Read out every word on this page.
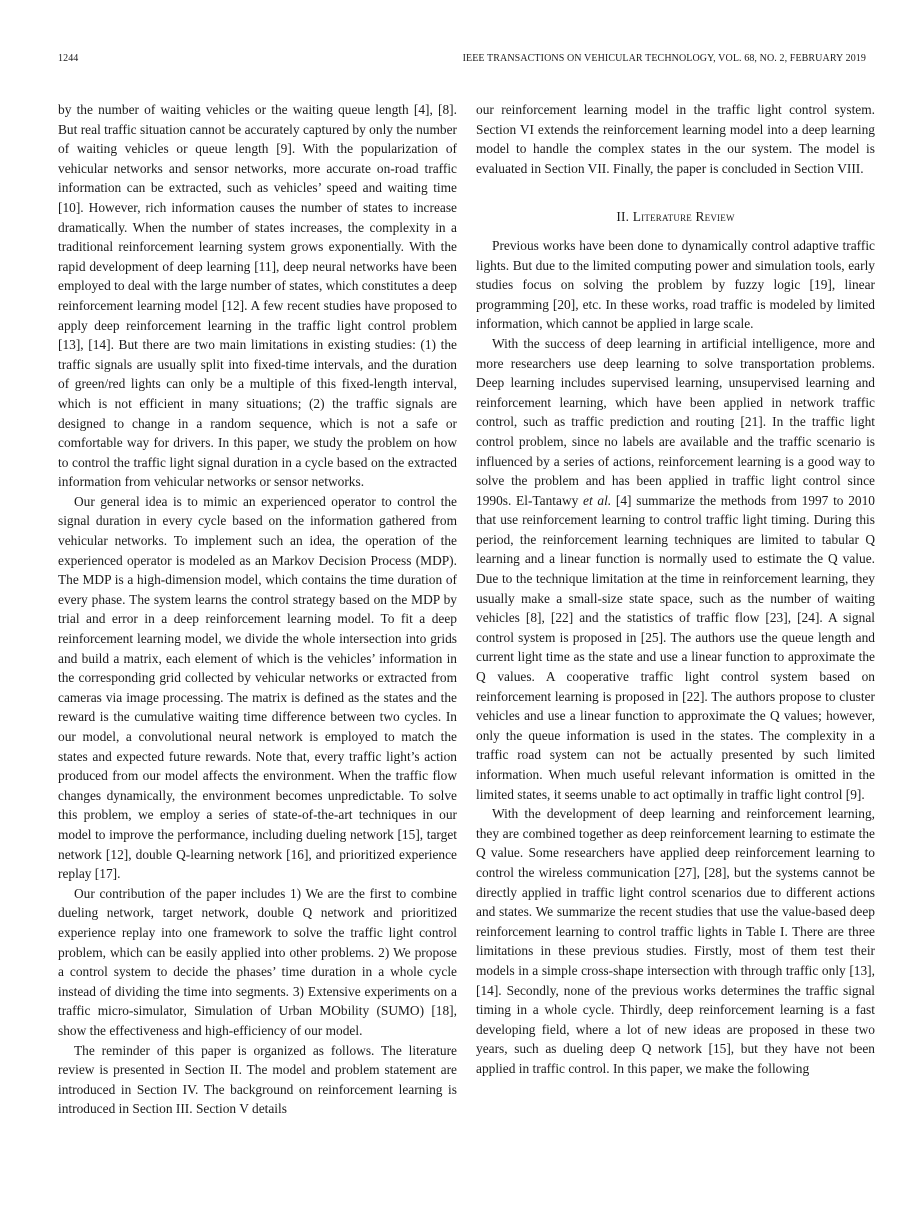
1244	IEEE TRANSACTIONS ON VEHICULAR TECHNOLOGY, VOL. 68, NO. 2, FEBRUARY 2019

by the number of waiting vehicles or the waiting queue length [4], [8]. But real traffic situation cannot be accurately captured by only the number of waiting vehicles or queue length [9]. With the popularization of vehicular networks and sensor networks, more accurate on-road traffic information can be extracted, such as vehicles’ speed and waiting time [10]. However, rich information causes the number of states to increase dramatically. When the number of states increases, the complexity in a traditional reinforcement learning system grows exponentially. With the rapid development of deep learning [11], deep neural networks have been employed to deal with the large number of states, which constitutes a deep reinforcement learning model [12]. A few recent studies have proposed to apply deep reinforcement learning in the traffic light control problem [13], [14]. But there are two main limitations in existing studies: (1) the traffic signals are usually split into fixed-time intervals, and the duration of green/red lights can only be a multiple of this fixed-length interval, which is not efficient in many situations; (2) the traffic signals are designed to change in a random sequence, which is not a safe or comfortable way for drivers. In this paper, we study the problem on how to control the traffic light signal duration in a cycle based on the extracted information from vehicular networks or sensor networks.

Our general idea is to mimic an experienced operator to control the signal duration in every cycle based on the information gathered from vehicular networks. To implement such an idea, the operation of the experienced operator is modeled as an Markov Decision Process (MDP). The MDP is a high-dimension model, which contains the time duration of every phase. The system learns the control strategy based on the MDP by trial and error in a deep reinforcement learning model. To fit a deep reinforcement learning model, we divide the whole intersection into grids and build a matrix, each element of which is the vehicles’ information in the corresponding grid collected by vehicular networks or extracted from cameras via image processing. The matrix is defined as the states and the reward is the cumulative waiting time difference between two cycles. In our model, a convolutional neural network is employed to match the states and expected future rewards. Note that, every traffic light’s action produced from our model affects the environment. When the traffic flow changes dynamically, the environment becomes unpredictable. To solve this problem, we employ a series of state-of-the-art techniques in our model to improve the performance, including dueling network [15], target network [12], double Q-learning network [16], and prioritized experience replay [17].

Our contribution of the paper includes 1) We are the first to combine dueling network, target network, double Q network and prioritized experience replay into one framework to solve the traffic light control problem, which can be easily applied into other problems. 2) We propose a control system to decide the phases’ time duration in a whole cycle instead of dividing the time into segments. 3) Extensive experiments on a traffic micro-simulator, Simulation of Urban MObility (SUMO) [18], show the effectiveness and high-efficiency of our model.

The reminder of this paper is organized as follows. The literature review is presented in Section II. The model and problem statement are introduced in Section IV. The background on reinforcement learning is introduced in Section III. Section V details

our reinforcement learning model in the traffic light control system. Section VI extends the reinforcement learning model into a deep learning model to handle the complex states in the our system. The model is evaluated in Section VII. Finally, the paper is concluded in Section VIII.

II. Literature Review

Previous works have been done to dynamically control adaptive traffic lights. But due to the limited computing power and simulation tools, early studies focus on solving the problem by fuzzy logic [19], linear programming [20], etc. In these works, road traffic is modeled by limited information, which cannot be applied in large scale.

With the success of deep learning in artificial intelligence, more and more researchers use deep learning to solve transportation problems. Deep learning includes supervised learning, unsupervised learning and reinforcement learning, which have been applied in network traffic control, such as traffic prediction and routing [21]. In the traffic light control problem, since no labels are available and the traffic scenario is influenced by a series of actions, reinforcement learning is a good way to solve the problem and has been applied in traffic light control since 1990s. El-Tantawy et al. [4] summarize the methods from 1997 to 2010 that use reinforcement learning to control traffic light timing. During this period, the reinforcement learning techniques are limited to tabular Q learning and a linear function is normally used to estimate the Q value. Due to the technique limitation at the time in reinforcement learning, they usually make a small-size state space, such as the number of waiting vehicles [8], [22] and the statistics of traffic flow [23], [24]. A signal control system is proposed in [25]. The authors use the queue length and current light time as the state and use a linear function to approximate the Q values. A cooperative traffic light control system based on reinforcement learning is proposed in [22]. The authors propose to cluster vehicles and use a linear function to approximate the Q values; however, only the queue information is used in the states. The complexity in a traffic road system can not be actually presented by such limited information. When much useful relevant information is omitted in the limited states, it seems unable to act optimally in traffic light control [9].

With the development of deep learning and reinforcement learning, they are combined together as deep reinforcement learning to estimate the Q value. Some researchers have applied deep reinforcement learning to control the wireless communication [27], [28], but the systems cannot be directly applied in traffic light control scenarios due to different actions and states. We summarize the recent studies that use the value-based deep reinforcement learning to control traffic lights in Table I. There are three limitations in these previous studies. Firstly, most of them test their models in a simple cross-shape intersection with through traffic only [13], [14]. Secondly, none of the previous works determines the traffic signal timing in a whole cycle. Thirdly, deep reinforcement learning is a fast developing field, where a lot of new ideas are proposed in these two years, such as dueling deep Q network [15], but they have not been applied in traffic control. In this paper, we make the following
